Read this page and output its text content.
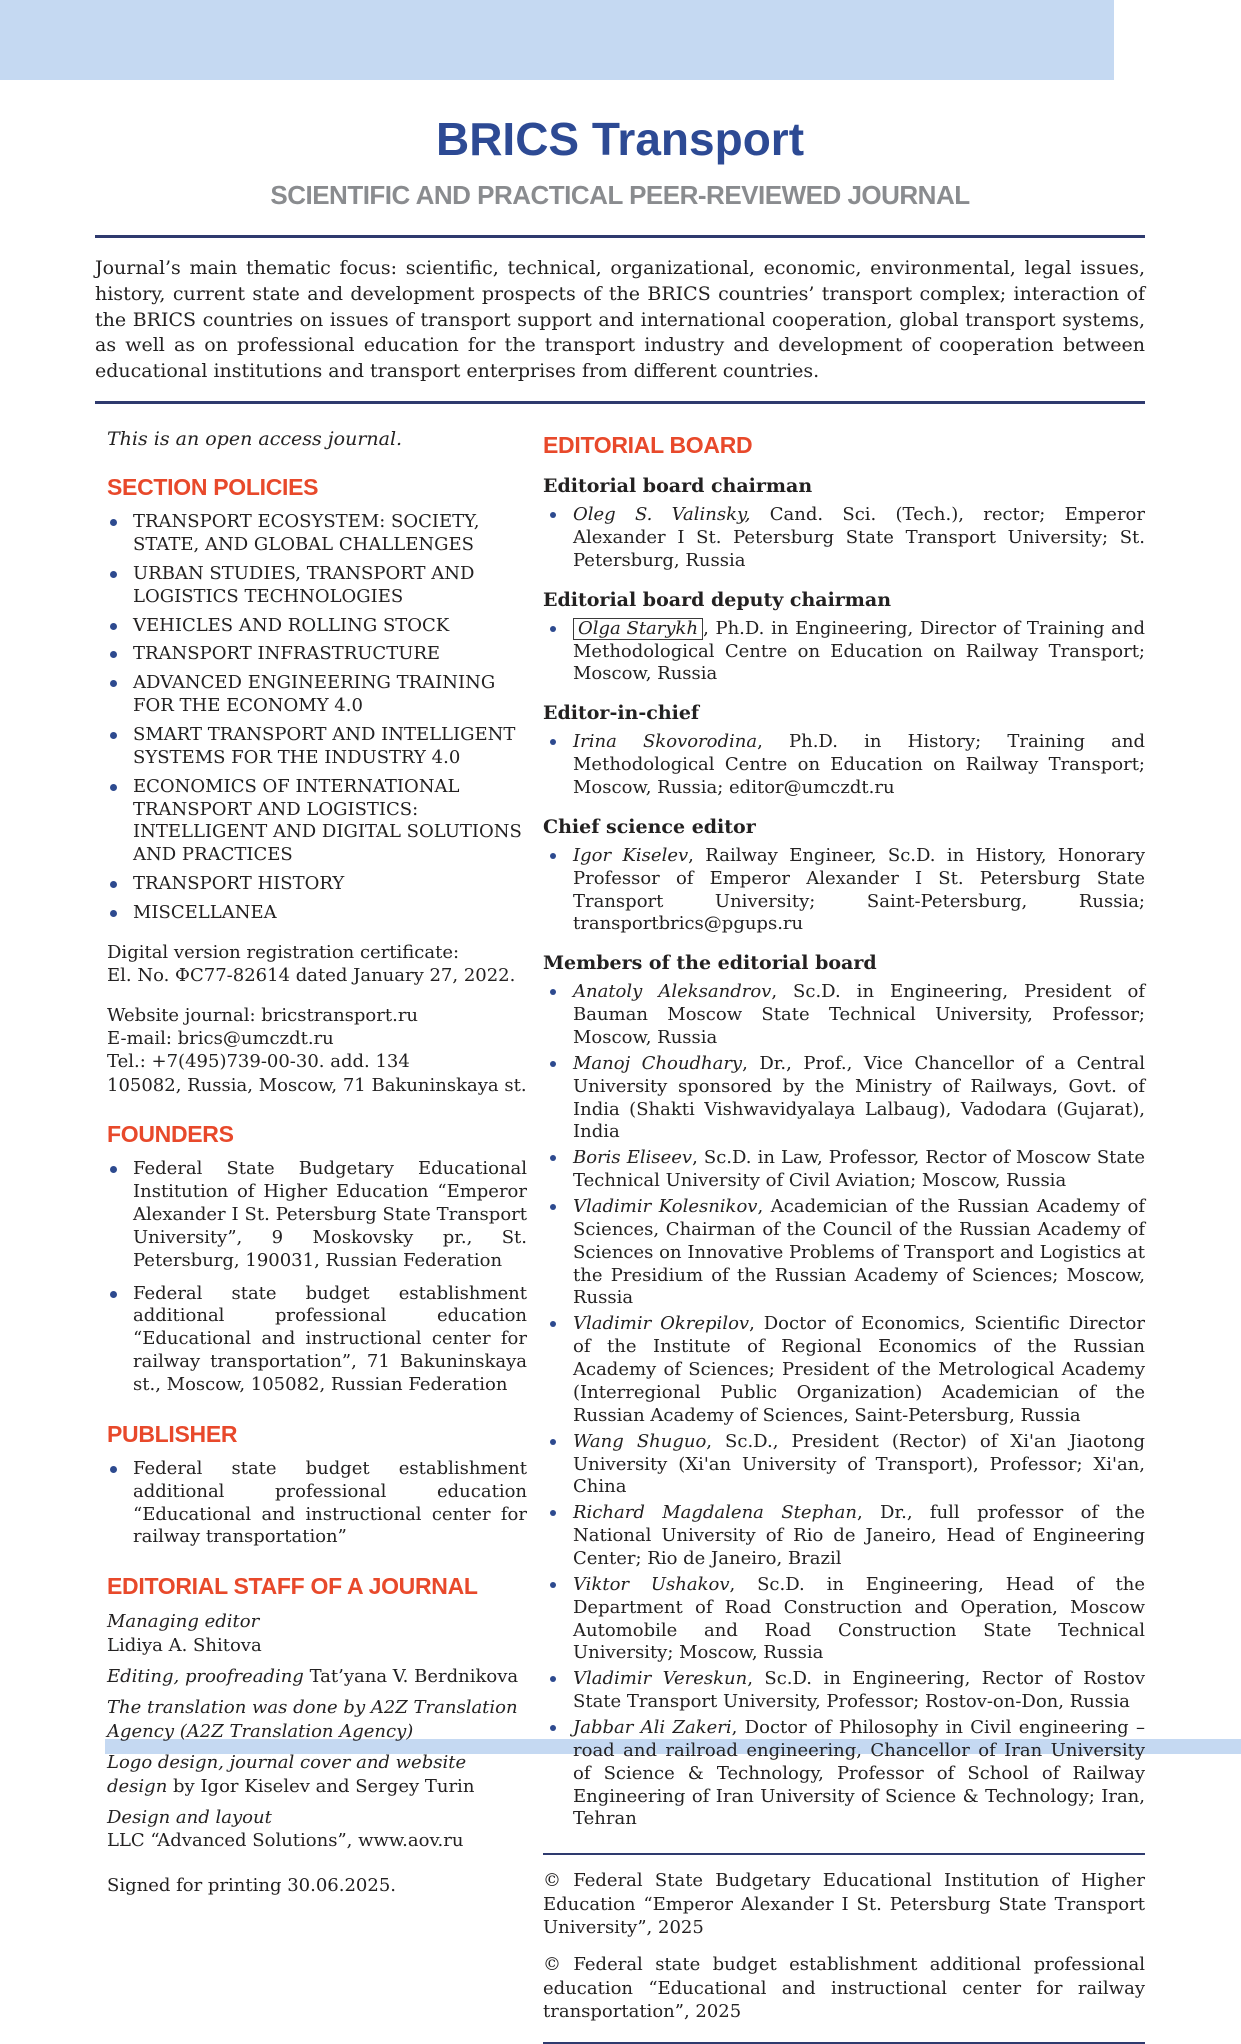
BRICS Transport
SCIENTIFIC AND PRACTICAL PEER-REVIEWED JOURNAL

Journal’s main thematic focus: scientific, technical, organizational, economic, environmental, legal issues, history, current state and development prospects of the BRICS countries’ transport complex; interaction of the BRICS countries on issues of transport support and international cooperation, global transport systems, as well as on professional education for the transport industry and development of cooperation between educational institutions and transport enterprises from different countries.

This is an open access journal.

SECTION POLICIES
TRANSPORT ECOSYSTEM: SOCIETY, STATE, AND GLOBAL CHALLENGES
URBAN STUDIES, TRANSPORT AND LOGISTICS TECHNOLOGIES
VEHICLES AND ROLLING STOCK
TRANSPORT INFRASTRUCTURE
ADVANCED ENGINEERING TRAINING FOR THE ECONOMY 4.0
SMART TRANSPORT AND INTELLIGENT SYSTEMS FOR THE INDUSTRY 4.0
ECONOMICS OF INTERNATIONAL TRANSPORT AND LOGISTICS: INTELLIGENT AND DIGITAL SOLUTIONS AND PRACTICES
TRANSPORT HISTORY
MISCELLANEA

Digital version registration certificate:
El. No. ФС77-82614 dated January 27, 2022.

Website journal: bricstransport.ru
E-mail: brics@umczdt.ru
Tel.: +7(495)739-00-30. add. 134
105082, Russia, Moscow, 71 Bakuninskaya st.

FOUNDERS
Federal State Budgetary Educational Institution of Higher Education “Emperor Alexander I St. Petersburg State Transport University”, 9 Moskovsky pr., St. Petersburg, 190031, Russian Federation
Federal state budget establishment additional professional education “Educational and instructional center for railway transportation”, 71 Bakuninskaya st., Moscow, 105082, Russian Federation
PUBLISHER
Federal state budget establishment additional professional education “Educational and instructional center for railway transportation”
EDITORIAL STAFF OF A JOURNAL
Managing editor
Lidiya A. Shitova
Editing, proofreading Tat’yana V. Berdnikova
The translation was done by A2Z Translation Agency (A2Z Translation Agency)
Logo design, journal cover and website design by Igor Kiselev and Sergey Turin
Design and layout
LLC “Advanced Solutions”, www.aov.ru

Signed for printing 30.06.2025.

EDITORIAL BOARD
Editorial board chairman
Oleg S. Valinsky, Cand. Sci. (Tech.), rector; Emperor Alexander I St. Petersburg State Transport University; St. Petersburg, Russia
Editorial board deputy chairman
Olga Starykh , Ph.D. in Engineering, Director of Training and Methodological Centre on Education on Railway Transport; Moscow, Russia
Editor-in-chief
Irina Skovorodina, Ph.D. in History; Training and Methodological Centre on Education on Railway Transport; Moscow, Russia; editor@umczdt.ru
Chief science editor
Igor Kiselev, Railway Engineer, Sc.D. in History, Honorary Professor of Emperor Alexander I St. Petersburg State Transport University; Saint-Petersburg, Russia; transportbrics@pgups.ru
Members of the editorial board
Anatoly Aleksandrov, Sc.D. in Engineering, President of Bauman Moscow State Technical University, Professor; Moscow, Russia
Manoj Choudhary, Dr., Prof., Vice Chancellor of a Central University sponsored by the Ministry of Railways, Govt. of India (Shakti Vishwavidyalaya Lalbaug), Vadodara (Gujarat), India
Boris Eliseev, Sc.D. in Law, Professor, Rector of Moscow State Technical University of Civil Aviation; Moscow, Russia
Vladimir Kolesnikov, Academician of the Russian Academy of Sciences, Chairman of the Council of the Russian Academy of Sciences on Innovative Problems of Transport and Logistics at the Presidium of the Russian Academy of Sciences; Moscow, Russia
Vladimir Okrepilov, Doctor of Economics, Scientific Director of the Institute of Regional Economics of the Russian Academy of Sciences; President of the Metrological Academy (Interregional Public Organization) Academician of the Russian Academy of Sciences, Saint-Petersburg, Russia
Wang Shuguo, Sc.D., President (Rector) of Xi'an Jiaotong University (Xi'an University of Transport), Professor; Xi'an, China
Richard Magdalena Stephan, Dr., full professor of the National University of Rio de Janeiro, Head of Engineering Center; Rio de Janeiro, Brazil
Viktor Ushakov, Sc.D. in Engineering, Head of the Department of Road Construction and Operation, Moscow Automobile and Road Construction State Technical University; Moscow, Russia
Vladimir Vereskun, Sc.D. in Engineering, Rector of Rostov State Transport University, Professor; Rostov-on-Don, Russia
Jabbar Ali Zakeri, Doctor of Philosophy in Civil engineering – road and railroad engineering, Chancellor of Iran University of Science & Technology, Professor of School of Railway Engineering of Iran University of Science & Technology; Iran, Tehran

© Federal State Budgetary Educational Institution of Higher Education “Emperor Alexander I St. Petersburg State Transport University”, 2025

© Federal state budget establishment additional professional education “Educational and instructional center for railway transportation”, 2025
